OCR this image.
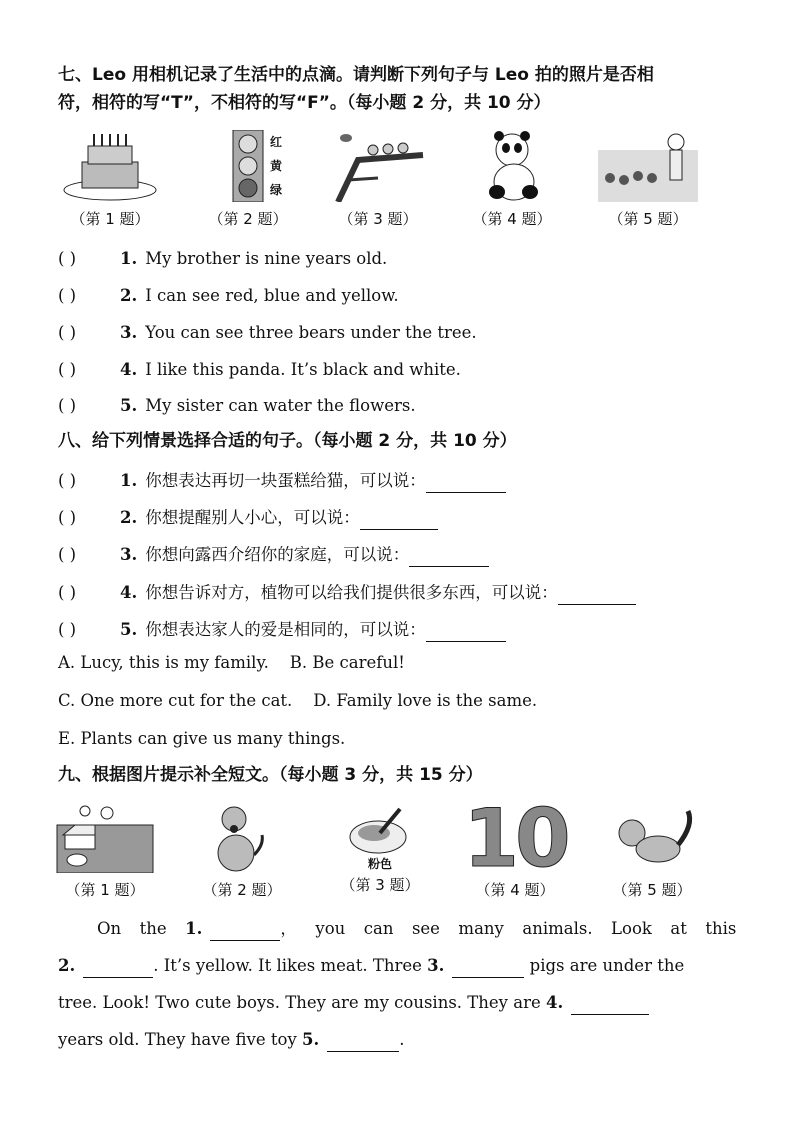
七、Leo 用相机记录了生活中的点滴。请判断下列句子与 Leo 拍的照片是否相
符，相符的写“T”，不相符的写“F”。（每小题 2 分，共 10 分）
（第 1 题）
红
黄
绿
（第 2 题）	（第 3 题）	（第 4 题）	（第 5 题）
( )	1. My brother is nine years old.
( )	2. I can see red, blue and yellow.
( )	3. You can see three bears under the tree.
( )	4. I like this panda. It’s black and white.
( )	5. My sister can water the flowers.
八、给下列情景选择合适的句子。（每小题 2 分，共 10 分）
( )	1. 你想表达再切一块蛋糕给猫，可以说：
( )	2. 你想提醒别人小心，可以说：
( )	3. 你想向露西介绍你的家庭，可以说：
( )	4. 你想告诉对方，植物可以给我们提供很多东西，可以说：
( )	5. 你想表达家人的爱是相同的，可以说：
A. Lucy, this is my family.    B. Be careful!
C. One more cut for the cat.    D. Family love is the same.
E. Plants can give us many things.
九、根据图片提示补全短文。（每小题 3 分，共 15 分）
（第 1 题）	（第 2 题）
粉色
（第 3 题） 10
（第 4 题）	（第 5 题）
On  the  1.	，  you  can  see  many  animals.  Look  at  this
2.	. It’s yellow. It likes meat. Three 3.	pigs are under the
tree. Look! Two cute boys. They are my cousins. They are 4.
years old. They have five toy 5.	.
